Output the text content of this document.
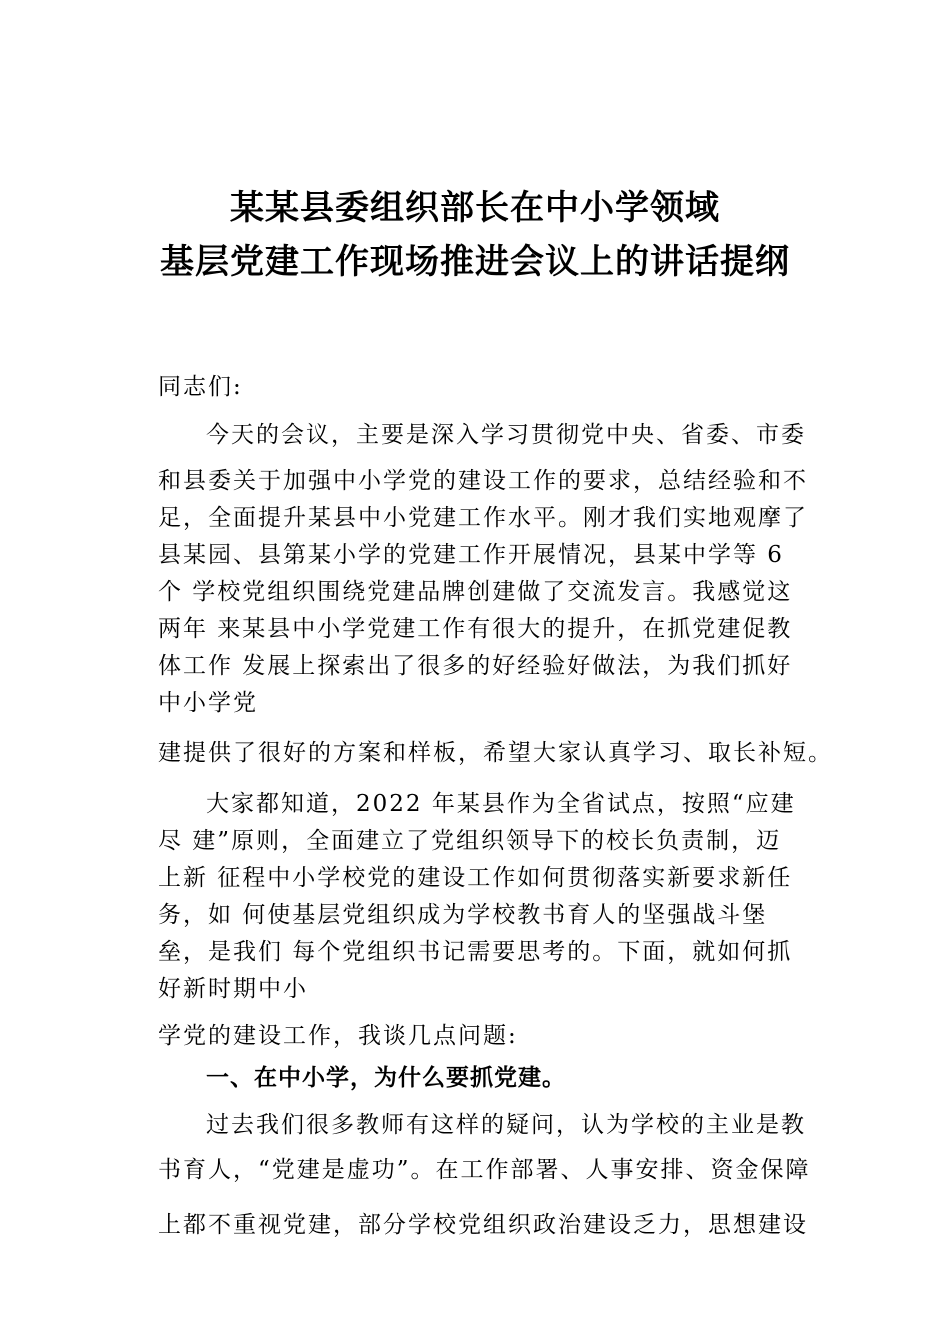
某某县委组织部长在中小学领域
基层党建工作现场推进会议上的讲话提纲
同志们:
今天的会议，主要是深入学习贯彻党中央、省委、市委
和县委关于加强中小学党的建设工作的要求，总结经验和不
足，全面提升某县中小党建工作水平。刚才我们实地观摩了
县某园、县第某小学的党建工作开展情况，县某中学等 6
个 学校党组织围绕党建品牌创建做了交流发言。我感觉这
两年 来某县中小学党建工作有很大的提升，在抓党建促教
体工作 发展上探索出了很多的好经验好做法，为我们抓好
中小学党
建提供了很好的方案和样板，希望大家认真学习、取长补短。
大家都知道，2022 年某县作为全省试点，按照“应建
尽 建”原则，全面建立了党组织领导下的校长负责制，迈
上新 征程中小学校党的建设工作如何贯彻落实新要求新任
务，如 何使基层党组织成为学校教书育人的坚强战斗堡
垒，是我们 每个党组织书记需要思考的。下面，就如何抓
好新时期中小
学党的建设工作，我谈几点问题:
一、在中小学，为什么要抓党建。
过去我们很多教师有这样的疑问，认为学校的主业是教
书育人，“党建是虚功”。在工作部署、人事安排、资金保障
上都不重视党建，部分学校党组织政治建设乏力，思想建设
